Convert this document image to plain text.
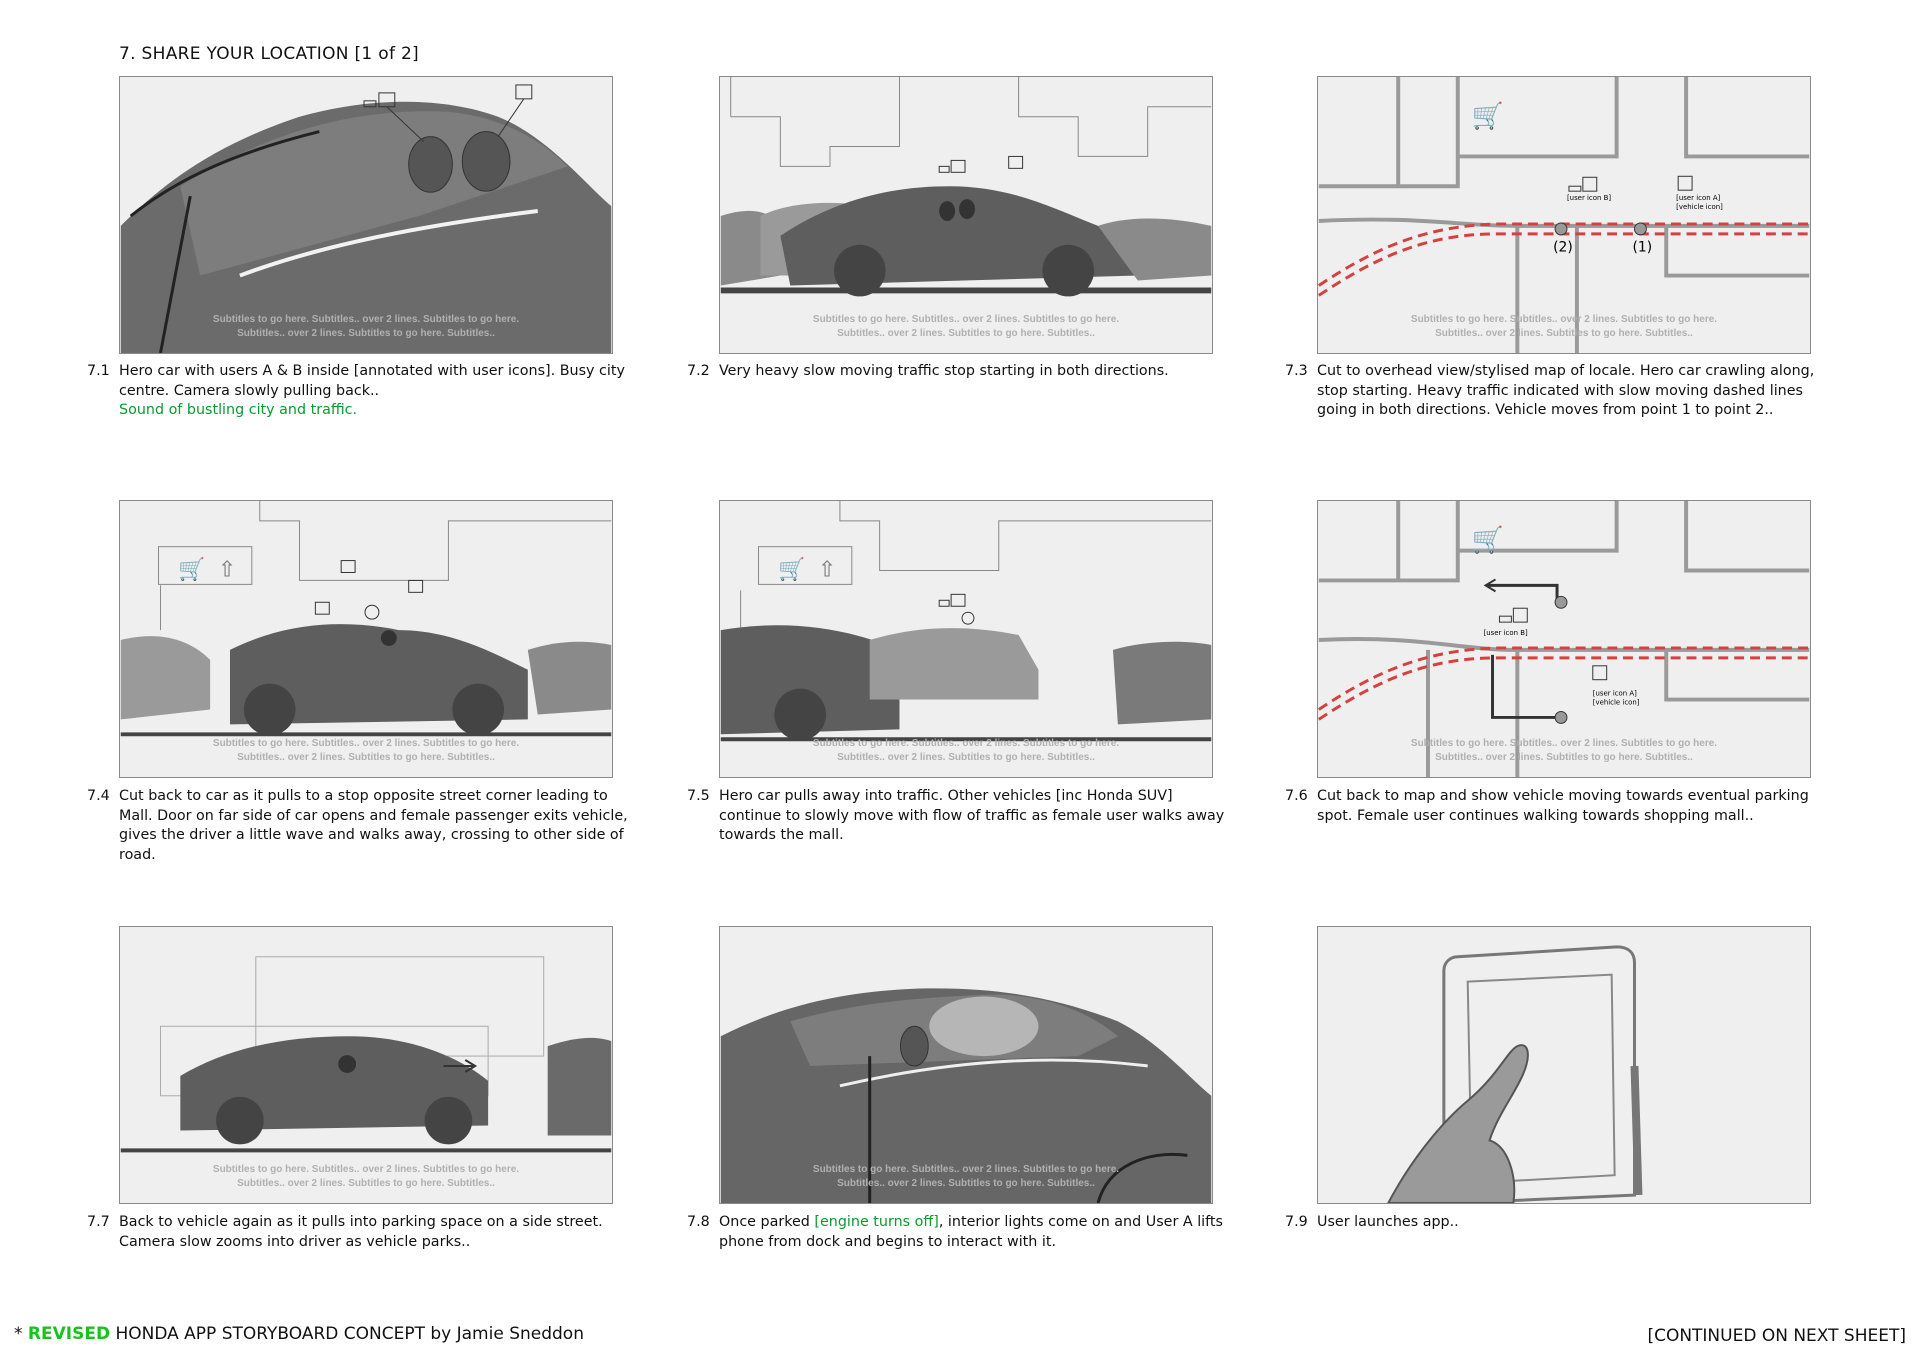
7. SHARE YOUR LOCATION [1 of 2]
Subtitles to go here. Subtitles.. over 2 lines. Subtitles to go here.
Subtitles.. over 2 lines. Subtitles to go here. Subtitles..
7.1 Hero car with users A & B inside [annotated with user icons]. Busy city centre. Camera slowly pulling back..
Sound of bustling city and traffic.
Subtitles to go here. Subtitles.. over 2 lines. Subtitles to go here.
Subtitles.. over 2 lines. Subtitles to go here. Subtitles..
7.2 Very heavy slow moving traffic stop starting in both directions.
(2)	(1)
[user icon B]	[user icon A]
[vehicle icon]
🛒
Subtitles to go here. Subtitles.. over 2 lines. Subtitles to go here.
Subtitles.. over 2 lines. Subtitles to go here. Subtitles..
7.3 Cut to overhead view/stylised map of locale. Hero car crawling along, stop starting. Heavy traffic indicated with slow moving dashed lines going in both directions. Vehicle moves from point 1 to point 2..
🛒 ⇧
Subtitles to go here. Subtitles.. over 2 lines. Subtitles to go here.
Subtitles.. over 2 lines. Subtitles to go here. Subtitles..
7.4 Cut back to car as it pulls to a stop opposite street corner leading to Mall. Door on far side of car opens and female passenger exits vehicle, gives the driver a little wave and walks away, crossing to other side of road.
🛒 ⇧
Subtitles to go here. Subtitles.. over 2 lines. Subtitles to go here.
Subtitles.. over 2 lines. Subtitles to go here. Subtitles..
7.5 Hero car pulls away into traffic. Other vehicles [inc Honda SUV] continue to slowly move with flow of traffic as female user walks away towards the mall.
[user icon B]
[user icon A]
[vehicle icon]
🛒
Subtitles to go here. Subtitles.. over 2 lines. Subtitles to go here.
Subtitles.. over 2 lines. Subtitles to go here. Subtitles..
7.6 Cut back to map and show vehicle moving towards eventual parking spot. Female user continues walking towards shopping mall..
Subtitles to go here. Subtitles.. over 2 lines. Subtitles to go here.
Subtitles.. over 2 lines. Subtitles to go here. Subtitles..
7.7 Back to vehicle again as it pulls into parking space on a side street. Camera slow zooms into driver as vehicle parks..
Subtitles to go here. Subtitles.. over 2 lines. Subtitles to go here.
Subtitles.. over 2 lines. Subtitles to go here. Subtitles..
7.8 Once parked [engine turns off], interior lights come on and User A lifts phone from dock and begins to interact with it.
7.9 User launches app..
* REVISED HONDA APP STORYBOARD CONCEPT by Jamie Sneddon	[CONTINUED ON NEXT SHEET]
